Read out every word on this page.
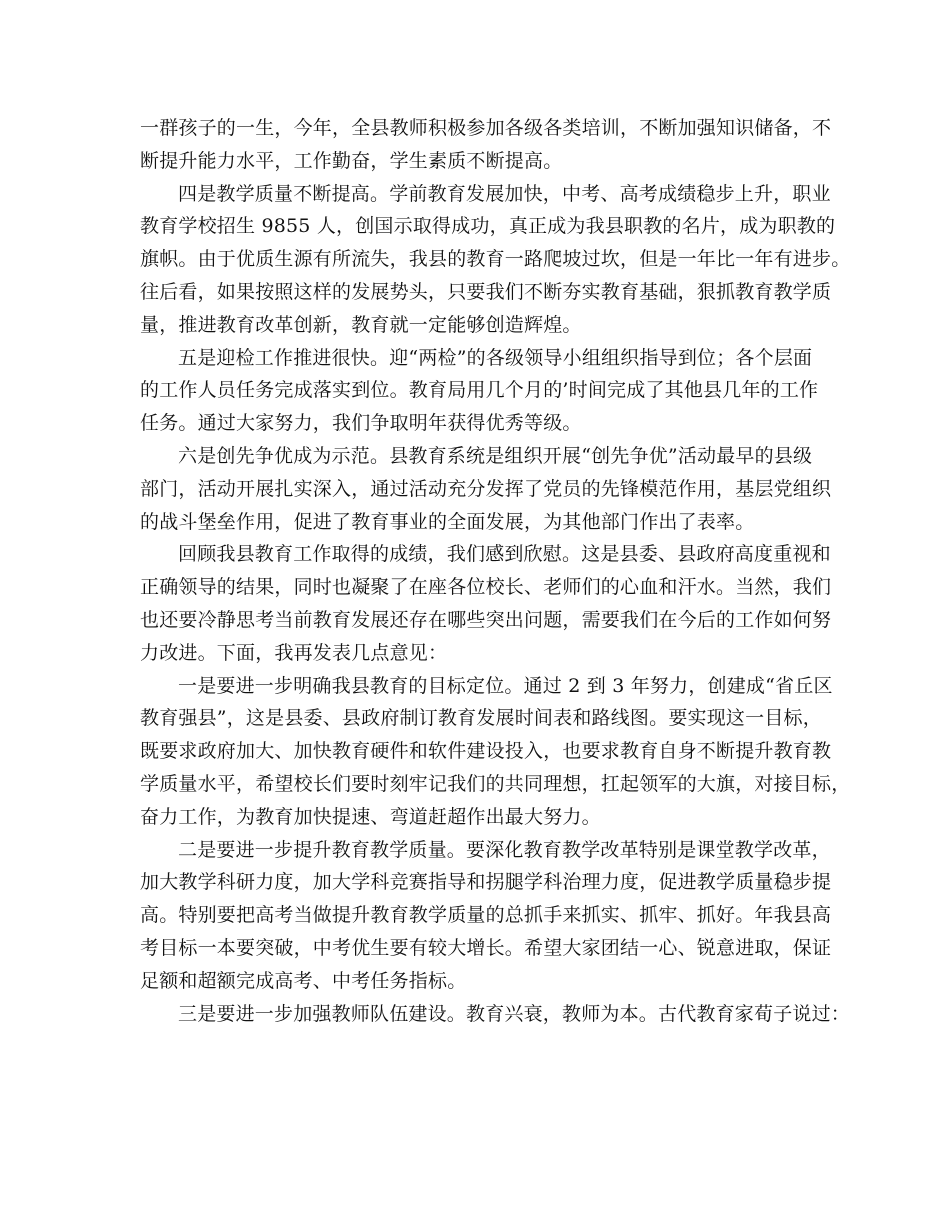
一群孩子的一生，今年，全县教师积极参加各级各类培训，不断加强知识储备，不
断提升能力水平，工作勤奋，学生素质不断提高。
四是教学质量不断提高。学前教育发展加快，中考、高考成绩稳步上升，职业
教育学校招生 9855 人，创国示取得成功，真正成为我县职教的名片，成为职教的
旗帜。由于优质生源有所流失，我县的教育一路爬坡过坎，但是一年比一年有进步。
往后看，如果按照这样的发展势头，只要我们不断夯实教育基础，狠抓教育教学质
量，推进教育改革创新，教育就一定能够创造辉煌。
五是迎检工作推进很快。迎“两检”的各级领导小组组织指导到位；各个层面
的工作人员任务完成落实到位。教育局用几个月的’时间完成了其他县几年的工作
任务。通过大家努力，我们争取明年获得优秀等级。
六是创先争优成为示范。县教育系统是组织开展“创先争优”活动最早的县级
部门，活动开展扎实深入，通过活动充分发挥了党员的先锋模范作用，基层党组织
的战斗堡垒作用，促进了教育事业的全面发展，为其他部门作出了表率。
回顾我县教育工作取得的成绩，我们感到欣慰。这是县委、县政府高度重视和
正确领导的结果，同时也凝聚了在座各位校长、老师们的心血和汗水。当然，我们
也还要冷静思考当前教育发展还存在哪些突出问题，需要我们在今后的工作如何努
力改进。下面，我再发表几点意见：
一是要进一步明确我县教育的目标定位。通过 2 到 3 年努力，创建成“省丘区
教育强县”，这是县委、县政府制订教育发展时间表和路线图。要实现这一目标，
既要求政府加大、加快教育硬件和软件建设投入，也要求教育自身不断提升教育教
学质量水平，希望校长们要时刻牢记我们的共同理想，扛起领军的大旗，对接目标，
奋力工作，为教育加快提速、弯道赶超作出最大努力。
二是要进一步提升教育教学质量。要深化教育教学改革特别是课堂教学改革，
加大教学科研力度，加大学科竞赛指导和拐腿学科治理力度，促进教学质量稳步提
高。特别要把高考当做提升教育教学质量的总抓手来抓实、抓牢、抓好。年我县高
考目标一本要突破，中考优生要有较大增长。希望大家团结一心、锐意进取，保证
足额和超额完成高考、中考任务指标。
三是要进一步加强教师队伍建设。教育兴衰，教师为本。古代教育家荀子说过：
